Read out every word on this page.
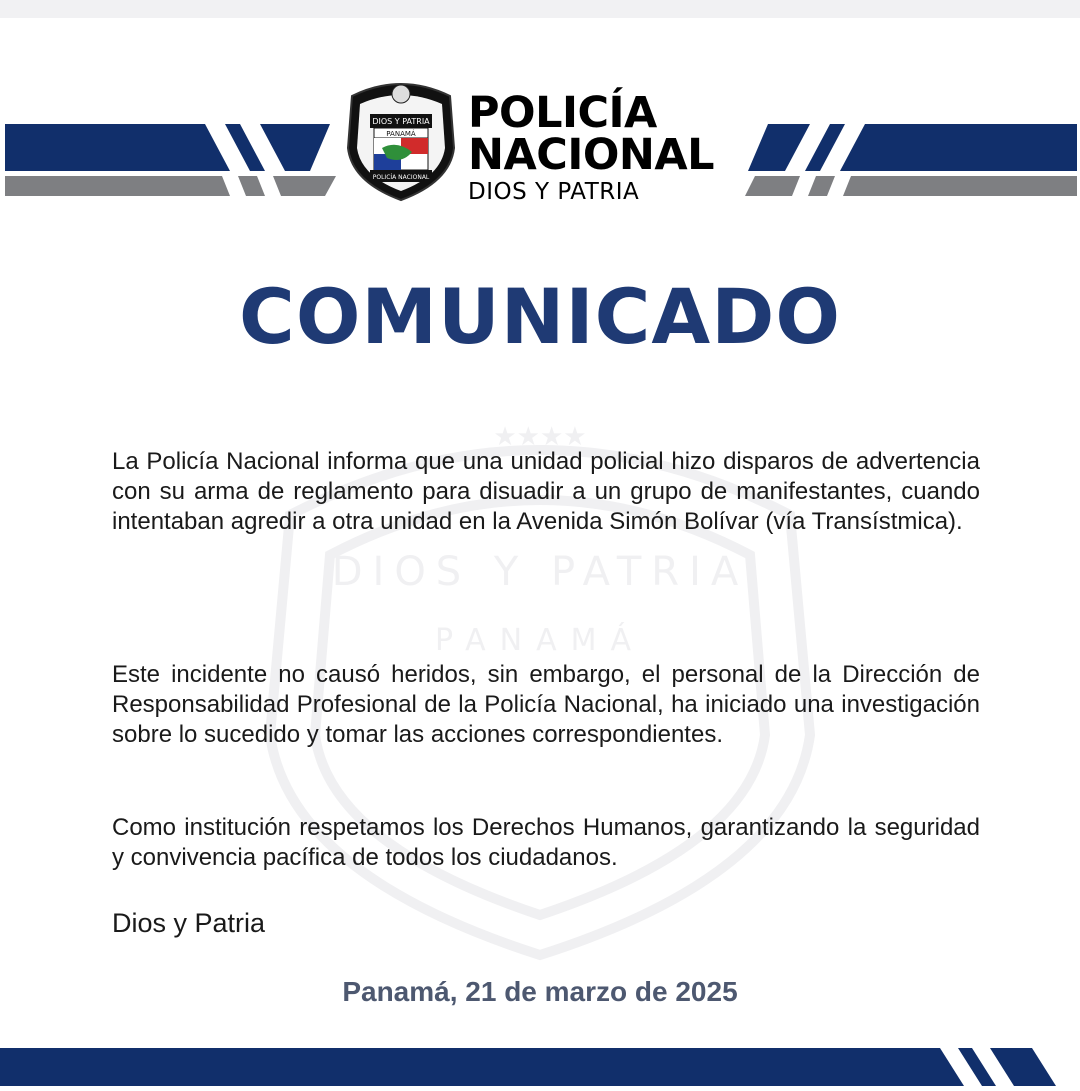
DIOS Y PATRIA
PANAMÁ
POLICÍA NACIONAL
POLICÍA
NACIONAL
DIOS Y PATRIA
COMUNICADO
DIOS Y PATRIA
PANAMÁ
★★★★
La Policía Nacional informa que una unidad policial hizo disparos de advertencia con su arma de reglamento para disuadir a un grupo de manifestantes, cuando intentaban agredir a otra unidad en la Avenida Simón Bolívar (vía Transístmica).
Este incidente no causó heridos, sin embargo, el personal de la Dirección de Responsabilidad Profesional de la Policía Nacional, ha iniciado una investigación sobre lo sucedido y tomar las acciones correspondientes.
Como institución respetamos los Derechos Humanos, garantizando la seguridad y convivencia pacífica de todos los ciudadanos.
Dios y Patria
Panamá, 21 de marzo de 2025
